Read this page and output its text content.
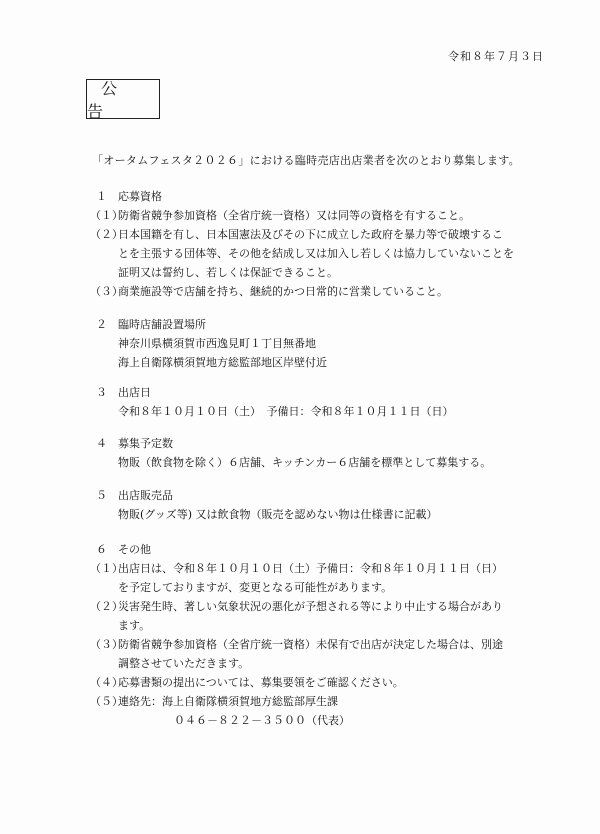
令和８年７月３日
公告
「オータムフェスタ２０２６」における臨時売店出店業者を次のとおり募集します。
１ 応募資格
（１）防衛省競争参加資格（全省庁統一資格）又は同等の資格を有すること。
（２）日本国籍を有し、日本国憲法及びその下に成立した政府を暴力等で破壊するこ
とを主張する団体等、その他を結成し又は加入し若しくは協力していないことを
証明又は誓約し、若しくは保証できること。
（３）商業施設等で店舗を持ち、継続的かつ日常的に営業していること。
２ 臨時店舗設置場所
神奈川県横須賀市西逸見町１丁目無番地
海上自衛隊横須賀地方総監部地区岸壁付近
３ 出店日
令和８年１０月１０日（土）　予備日：令和８年１０月１１日（日）
４ 募集予定数
物販（飲食物を除く）６店舗、キッチンカー６店舗を標準として募集する。
５ 出店販売品
物販(グッズ等) 又は飲食物（販売を認めない物は仕様書に記載）
６ その他
（１）出店日は、令和８年１０月１０日（土）予備日：令和８年１０月１１日（日）
を予定しておりますが、変更となる可能性があります。
（２）災害発生時、著しい気象状況の悪化が予想される等により中止する場合があり
ます。
（３）防衛省競争参加資格（全省庁統一資格）未保有で出店が決定した場合は、別途
調整させていただきます。
（４）応募書類の提出については、募集要領をご確認ください。
（５）連絡先：海上自衛隊横須賀地方総監部厚生課
０４６－８２２－３５００（代表）
